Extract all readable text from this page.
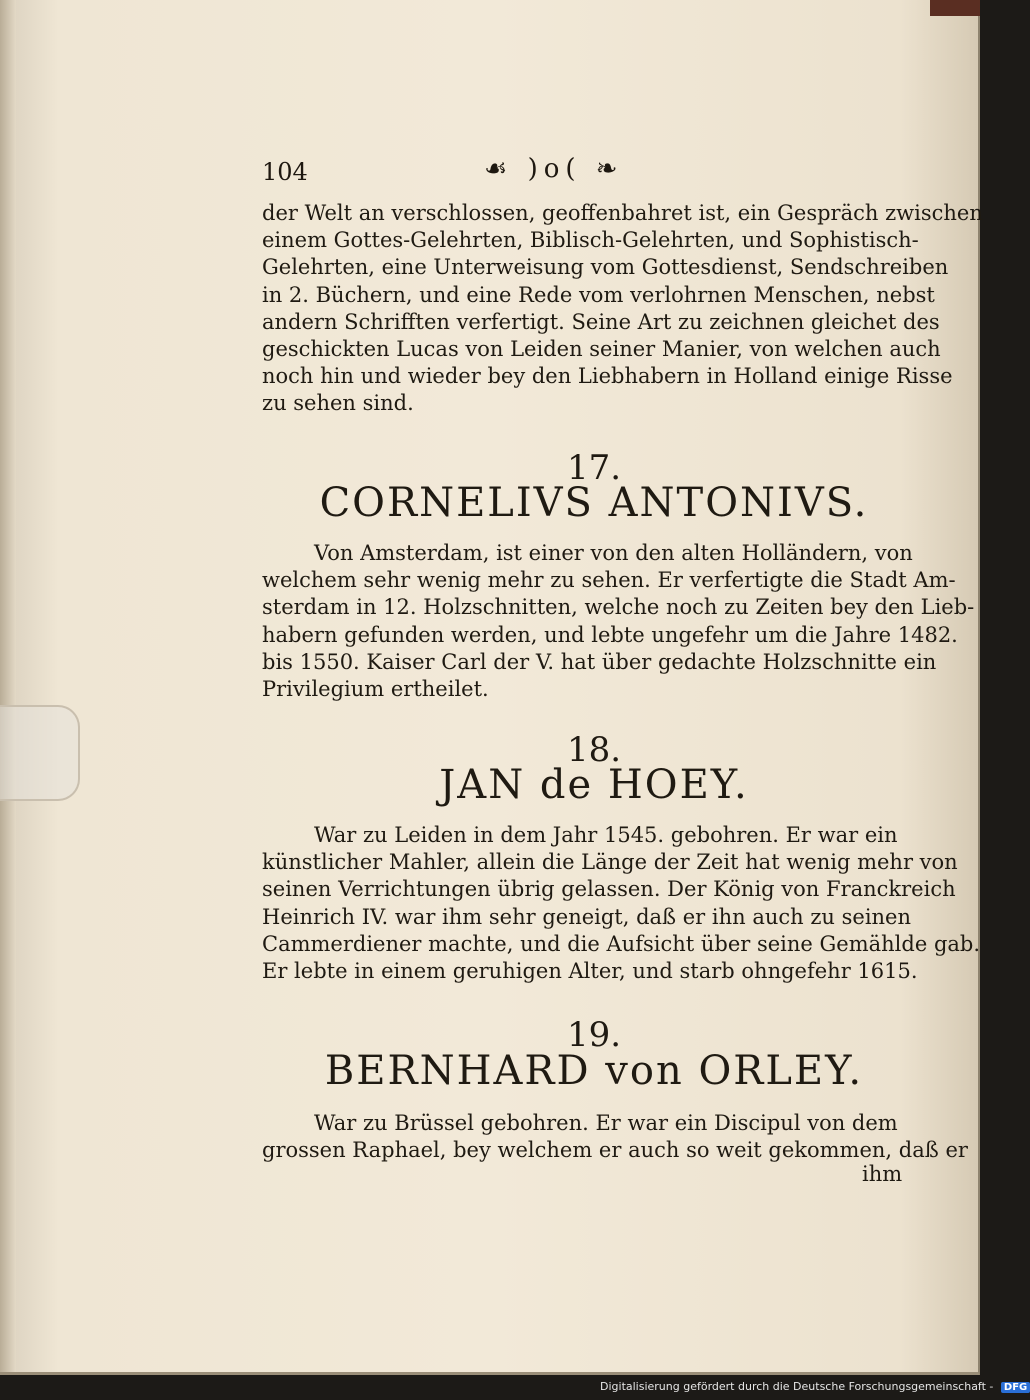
104	☙ )o( ❧
der Welt an verschlossen, geoffenbahret ist, ein Gespräch zwischen
einem Gottes-Gelehrten, Biblisch-Gelehrten, und Sophistisch-
Gelehrten, eine Unterweisung vom Gottesdienst, Sendschreiben
in 2. Büchern, und eine Rede vom verlohrnen Menschen, nebst
andern Schrifften verfertigt. Seine Art zu zeichnen gleichet des
geschickten Lucas von Leiden seiner Manier, von welchen auch
noch hin und wieder bey den Liebhabern in Holland einige Risse
zu sehen sind.
17.
CORNELIVS ANTONIVS.
Von Amsterdam, ist einer von den alten Holländern, von
welchem sehr wenig mehr zu sehen. Er verfertigte die Stadt Am-
sterdam in 12. Holzschnitten, welche noch zu Zeiten bey den Lieb-
habern gefunden werden, und lebte ungefehr um die Jahre 1482.
bis 1550. Kaiser Carl der V. hat über gedachte Holzschnitte ein
Privilegium ertheilet.
18.
JAN de HOEY.
War zu Leiden in dem Jahr 1545. gebohren. Er war ein
künstlicher Mahler, allein die Länge der Zeit hat wenig mehr von
seinen Verrichtungen übrig gelassen. Der König von Franckreich
Heinrich IV. war ihm sehr geneigt, daß er ihn auch zu seinen
Cammerdiener machte, und die Aufsicht über seine Gemählde gab.
Er lebte in einem geruhigen Alter, und starb ohngefehr 1615.
19.
BERNHARD von ORLEY.
War zu Brüssel gebohren. Er war ein Discipul von dem
grossen Raphael, bey welchem er auch so weit gekommen, daß er
ihm
Digitalisierung gefördert durch die Deutsche Forschungsgemeinschaft - DFG
